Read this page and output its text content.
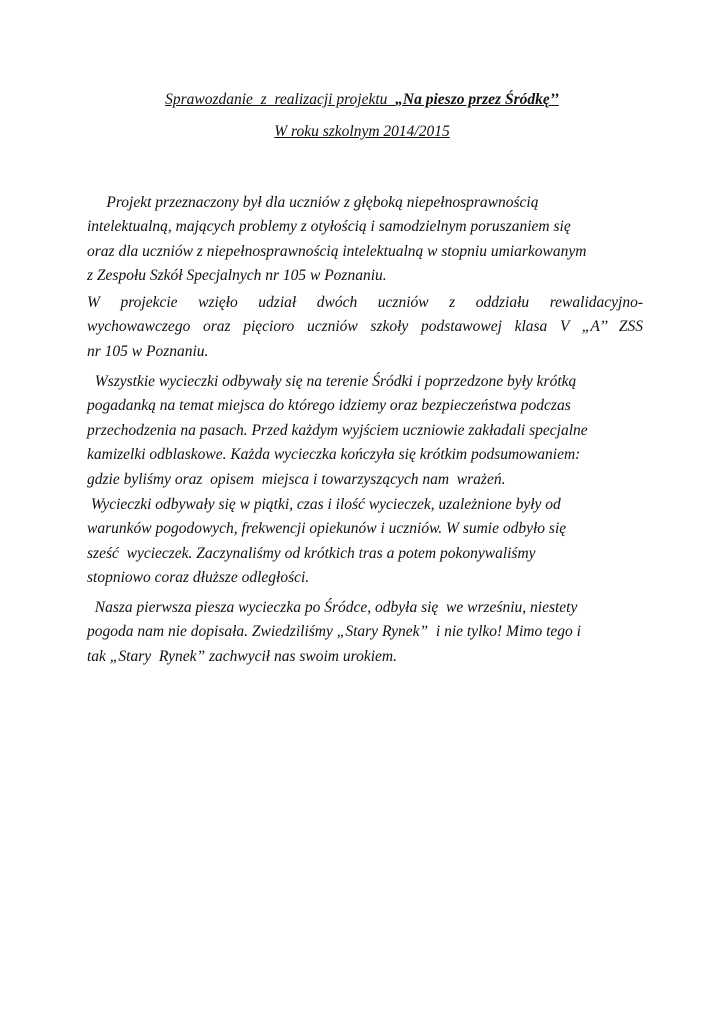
Sprawozdanie  z  realizacji projektu  „Na pieszo przez Śródkę’’
W roku szkolnym 2014/2015
Projekt przeznaczony był dla uczniów z głęboką niepełnosprawnością
intelektualną, mających problemy z otyłością i samodzielnym poruszaniem się
oraz dla uczniów z niepełnosprawnością intelektualną w stopniu umiarkowanym
z Zespołu Szkół Specjalnych nr 105 w Poznaniu.
W projekcie wzięło udział dwóch uczniów z oddziału rewalidacyjno-
wychowawczego oraz pięcioro uczniów szkoły podstawowej klasa V „A’’ ZSS
nr 105 w Poznaniu.
Wszystkie wycieczki odbywały się na terenie Śródki i poprzedzone były krótką
pogadanką na temat miejsca do którego idziemy oraz bezpieczeństwa podczas
przechodzenia na pasach. Przed każdym wyjściem uczniowie zakładali specjalne
kamizelki odblaskowe. Każda wycieczka kończyła się krótkim podsumowaniem:
gdzie byliśmy oraz  opisem  miejsca i towarzyszących nam  wrażeń.
Wycieczki odbywały się w piątki, czas i ilość wycieczek, uzależnione były od
warunków pogodowych, frekwencji opiekunów i uczniów. W sumie odbyło się
sześć  wycieczek. Zaczynaliśmy od krótkich tras a potem pokonywaliśmy
stopniowo coraz dłuższe odległości.
Nasza pierwsza piesza wycieczka po Śródce, odbyła się  we wrześniu, niestety
pogoda nam nie dopisała. Zwiedziliśmy „Stary Rynek”  i nie tylko! Mimo tego i
tak „Stary  Rynek” zachwycił nas swoim urokiem.
